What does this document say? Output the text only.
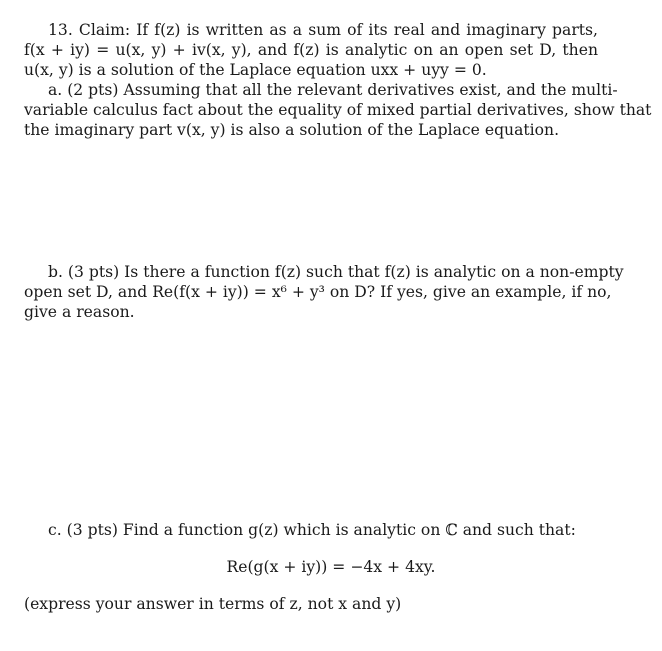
13. Claim: If f(z) is written as a sum of its real and imaginary parts,
f(x + iy) = u(x, y) + iv(x, y), and f(z) is analytic on an open set D, then
u(x, y) is a solution of the Laplace equation uxx + uyy = 0.

a. (2 pts) Assuming that all the relevant derivatives exist, and the multi-
variable calculus fact about the equality of mixed partial derivatives, show that
the imaginary part v(x, y) is also a solution of the Laplace equation.

b. (3 pts) Is there a function f(z) such that f(z) is analytic on a non-empty
open set D, and Re(f(x + iy)) = x⁶ + y³ on D? If yes, give an example, if no,
give a reason.

c. (3 pts) Find a function g(z) which is analytic on ℂ and such that:

Re(g(x + iy)) = −4x + 4xy.

(express your answer in terms of z, not x and y)
